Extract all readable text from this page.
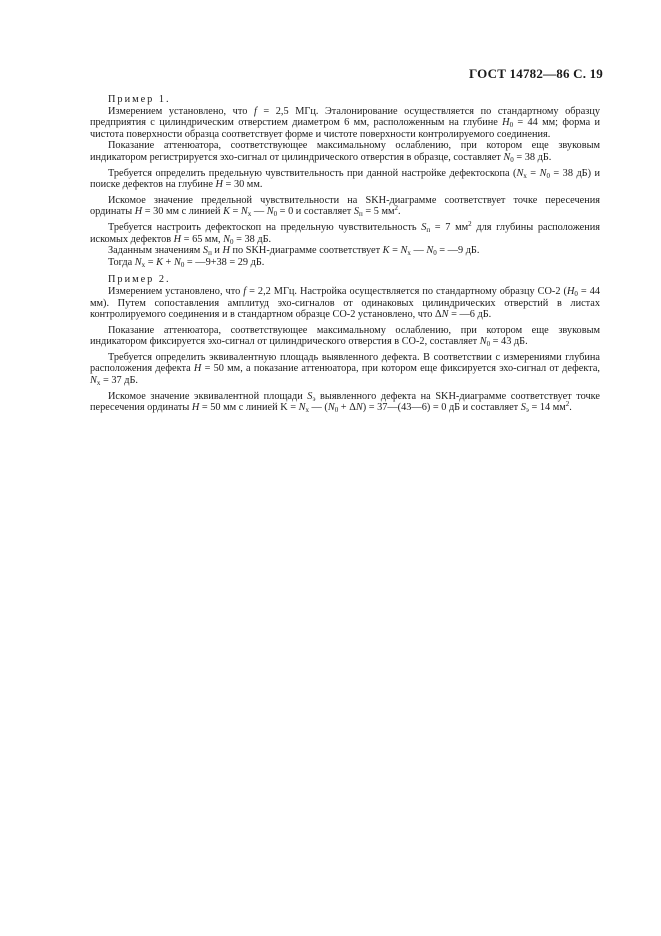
ГОСТ 14782—86 С. 19

Пример 1.

Измерением установлено, что f = 2,5 МГц. Эталонирование осуществляется по стандартному образцу предприятия с цилиндрическим отверстием диаметром 6 мм, расположенным на глубине $H_0 = 44$ мм; форма и чистота поверхности образца соответствует форме и чистоте поверхности контролируемого соединения.

Показание аттенюатора, соответствующее максимальному ослаблению, при котором еще звуковым индикатором регистрируется эхо-сигнал от цилиндрического отверстия в образце, составляет $N_0 = 38$ дБ.

Требуется определить предельную чувствительность при данной настройке дефектоскопа ($N_x = N_0 = 38$ дБ) и поиске дефектов на глубине H = 30 мм.

Искомое значение предельной чувствительности на SKH-диаграмме соответствует точке пересечения ординаты H = 30 мм с линией $K = N_x$ — $N_0 = 0$ и составляет $S_п = 5$ $мм^2$.

Требуется настроить дефектоскоп на предельную чувствительность $S_п = 7$ $мм^2$ для глубины расположения искомых дефектов H = 65 мм, $N_0 = 38$ дБ.

Заданным значениям $S_п$ и H по SKH-диаграмме соответствует $K = N_x$ — $N_0$ = —9 дБ.

Тогда $N_x = K + N_0$ = —9+38 = 29 дБ.

Пример 2.

Измерением установлено, что f = 2,2 МГц. Настройка осуществляется по стандартному образцу СО-2 ($H_0 = 44$ мм). Путем сопоставления амплитуд эхо-сигналов от одинаковых цилиндрических отверстий в листах контролируемого соединения и в стандартном образце СО-2 установлено, что ΔN = —6 дБ.

Показание аттенюатора, соответствующее максимальному ослаблению, при котором еще звуковым индикатором фиксируется эхо-сигнал от цилиндрического отверстия в СО-2, составляет $N_0 = 43$ дБ.

Требуется определить эквивалентную площадь выявленного дефекта. В соответствии с измерениями глубина расположения дефекта H = 50 мм, а показание аттенюатора, при котором еще фиксируется эхо-сигнал от дефекта, $N_x = 37$ дБ.

Искомое значение эквивалентной площади $S_э$ выявленного дефекта на SKH-диаграмме соответствует точке пересечения ординаты H = 50 мм с линией $K = N_x$ — $(N_0 + \Delta N)$ = 37—(43—6) = 0 дБ и составляет $S_э = 14$ $мм^2$.
